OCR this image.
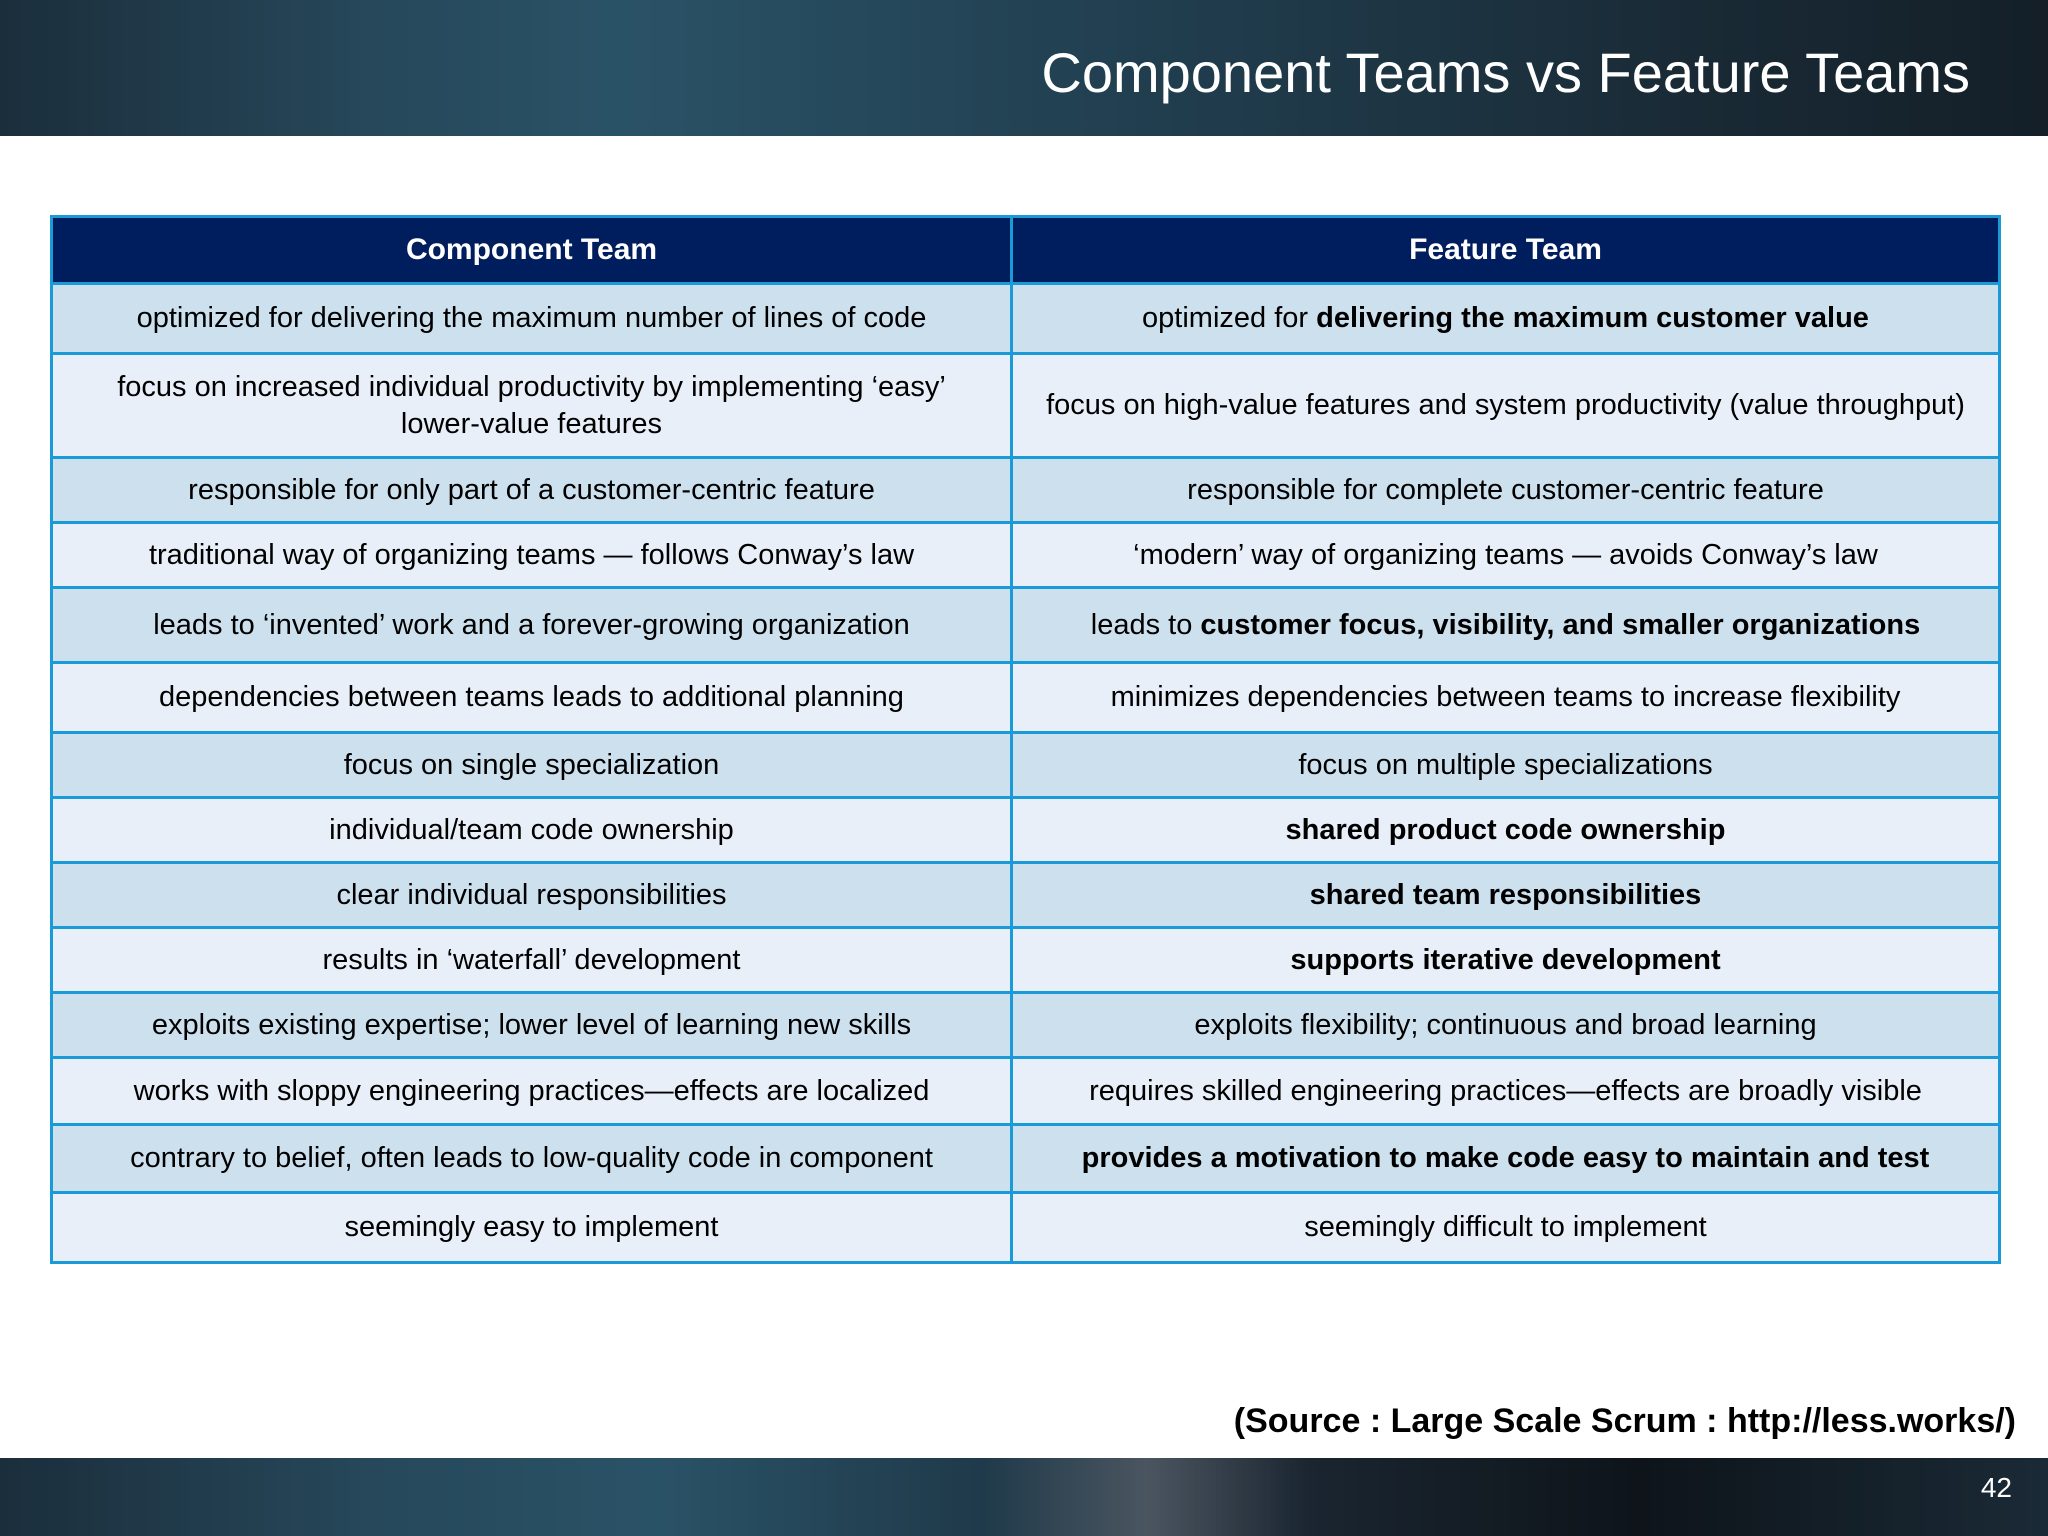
Component Teams vs Feature Teams
Component Team	Feature Team
optimized for delivering the maximum number of lines of code	optimized for delivering the maximum customer value
focus on increased individual productivity by implementing ‘easy’ lower-value features	focus on high-value features and system productivity (value throughput)
responsible for only part of a customer-centric feature	responsible for complete customer-centric feature
traditional way of organizing teams — follows Conway’s law	‘modern’ way of organizing teams — avoids Conway’s law
leads to ‘invented’ work and a forever-growing organization	leads to customer focus, visibility, and smaller organizations
dependencies between teams leads to additional planning	minimizes dependencies between teams to increase flexibility
focus on single specialization	focus on multiple specializations
individual/team code ownership	shared product code ownership
clear individual responsibilities	shared team responsibilities
results in ‘waterfall’ development	supports iterative development
exploits existing expertise; lower level of learning new skills	exploits flexibility; continuous and broad learning
works with sloppy engineering practices—effects are localized	requires skilled engineering practices—effects are broadly visible
contrary to belief, often leads to low-quality code in component	provides a motivation to make code easy to maintain and test
seemingly easy to implement	seemingly difficult to implement
(Source : Large Scale Scrum : http://less.works/)
42
